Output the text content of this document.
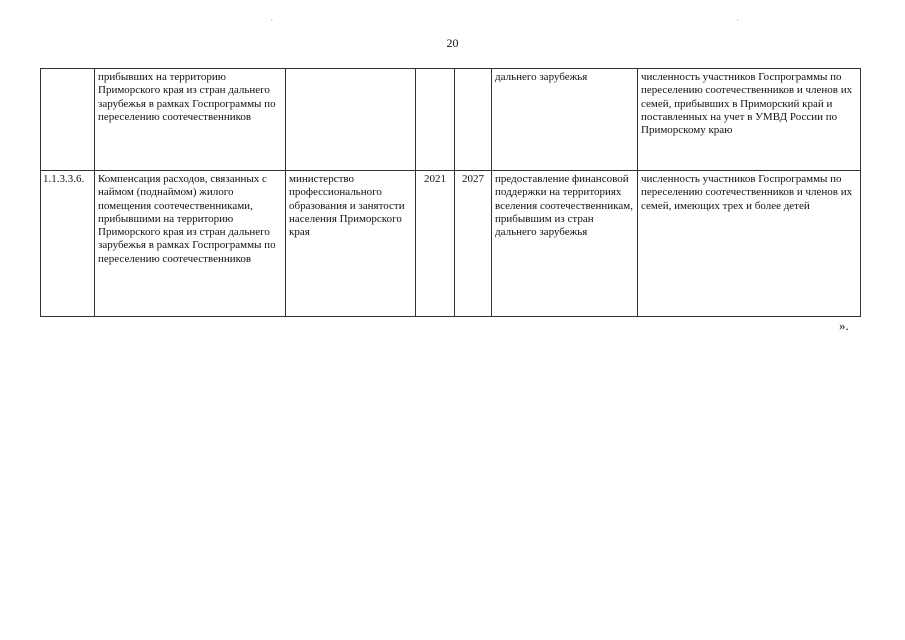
,	,
20
	прибывших на территорию Приморского края из стран дальнего зарубежья в рамках Госпрограммы по переселению соотечественников				дальнего зарубежья	численность участников Госпрограммы по переселению соотечественников и членов их семей, прибывших в Приморский край и поставленных на учет в УМВД России по Приморскому краю
1.1.3.3.6.	Компенсация расходов, связанных с наймом (поднаймом) жилого помещения соотечественниками, прибывшими на территорию Приморского края из стран дальнего зарубежья в рамках Госпрограммы по переселению соотечественников	министерство профессионального образования и занятости населения Приморского края	2021	2027	предоставление финансовой поддержки на территориях вселения соотечественникам, прибывшим из стран дальнего зарубежья	численность участников Госпрограммы по переселению соотечественников и членов их семей, имеющих трех и более детей
».
